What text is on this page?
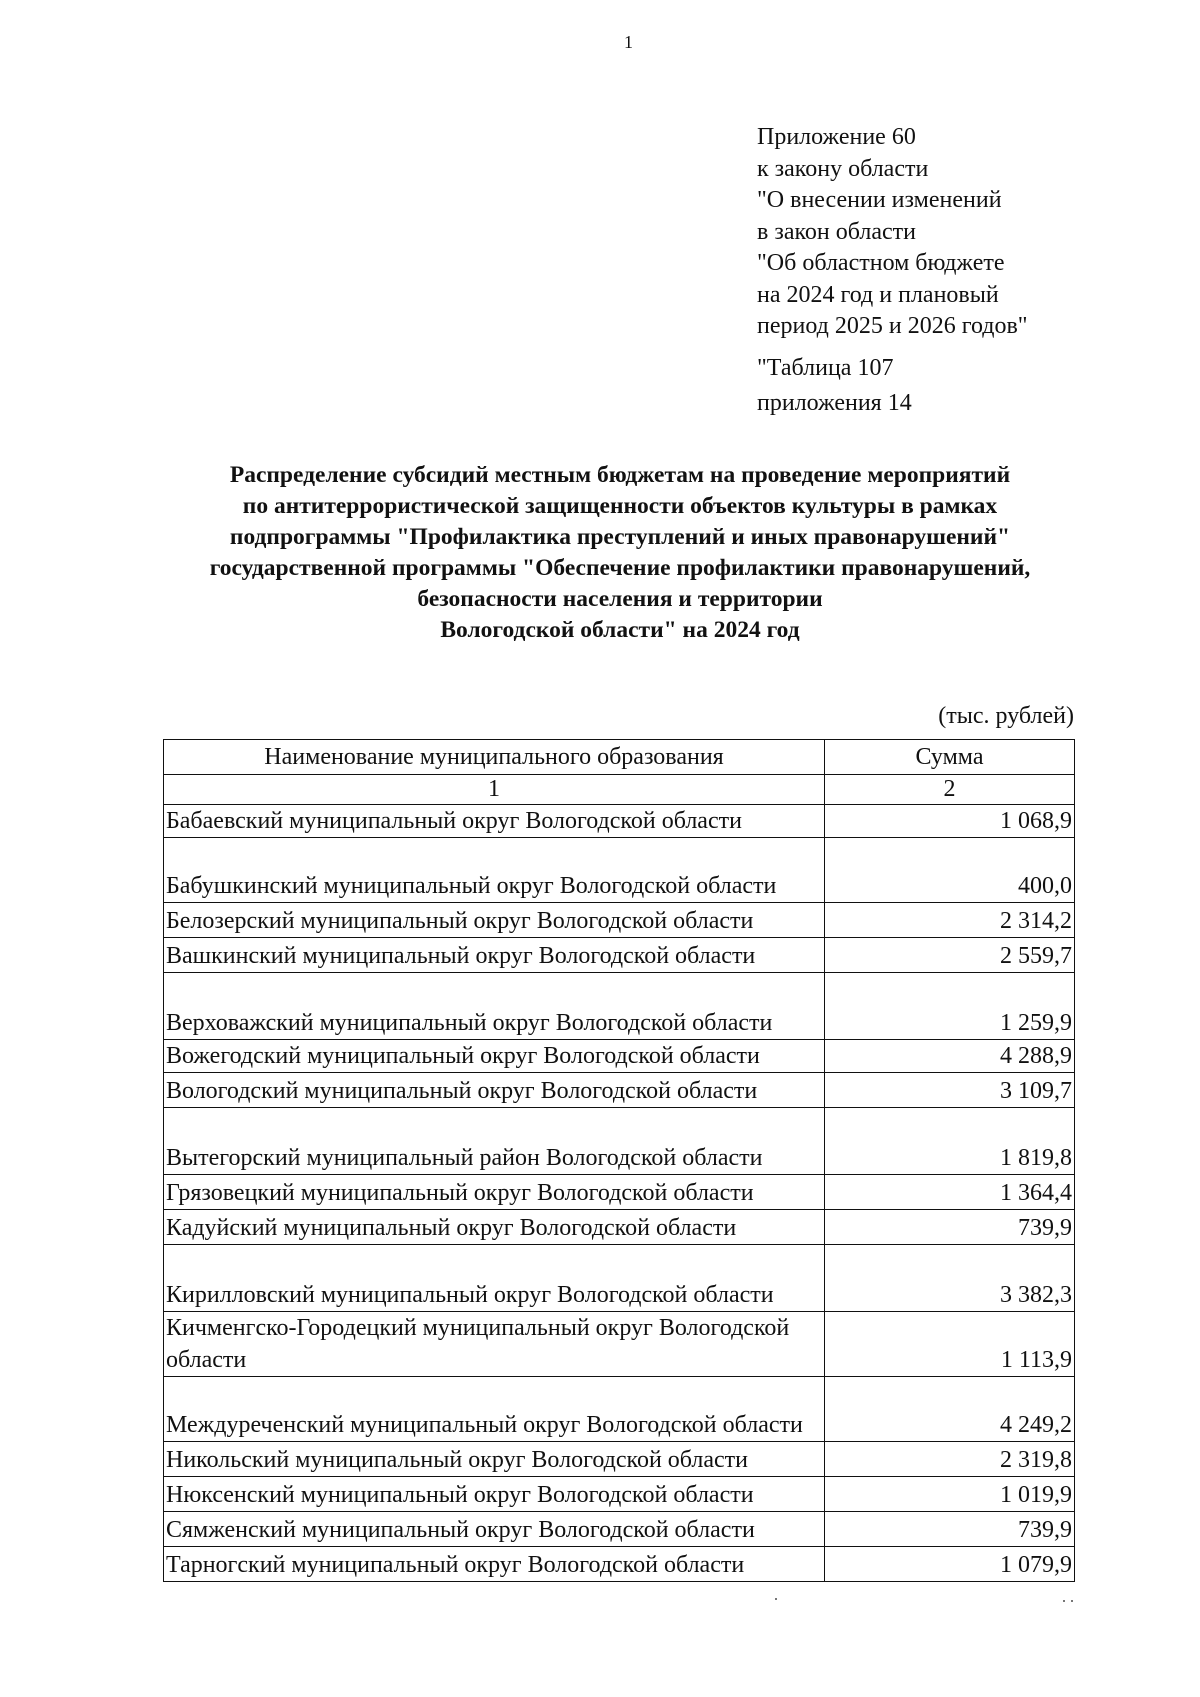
1
Приложение 60
к закону области
"О внесении изменений
в закон области
"Об областном бюджете
на 2024 год и плановый
период 2025 и 2026 годов"
"Таблица 107
приложения 14
Распределение субсидий местным бюджетам на проведение мероприятий
по антитеррористической защищенности объектов культуры в рамках
подпрограммы "Профилактика преступлений и иных правонарушений"
государственной программы "Обеспечение профилактики правонарушений,
безопасности населения и территории
Вологодской области" на 2024 год
(тыс. рублей)
Наименование муниципального образования	Сумма
1	2
Бабаевский муниципальный округ Вологодской области	1 068,9
Бабушкинский муниципальный округ Вологодской области	400,0
Белозерский муниципальный округ Вологодской области	2 314,2
Вашкинский муниципальный округ Вологодской области	2 559,7
Верховажский муниципальный округ Вологодской области	1 259,9
Вожегодский муниципальный округ Вологодской области	4 288,9
Вологодский муниципальный округ Вологодской области	3 109,7
Вытегорский муниципальный район Вологодской области	1 819,8
Грязовецкий муниципальный округ Вологодской области	1 364,4
Кадуйский муниципальный округ Вологодской области	739,9
Кирилловский муниципальный округ Вологодской области	3 382,3
Кичменгско-Городецкий муниципальный округ Вологодской области	1 113,9
Междуреченский муниципальный округ Вологодской области	4 249,2
Никольский муниципальный округ Вологодской области	2 319,8
Нюксенский муниципальный округ Вологодской области	1 019,9
Сямженский муниципальный округ Вологодской области	739,9
Тарногский муниципальный округ Вологодской области	1 079,9
